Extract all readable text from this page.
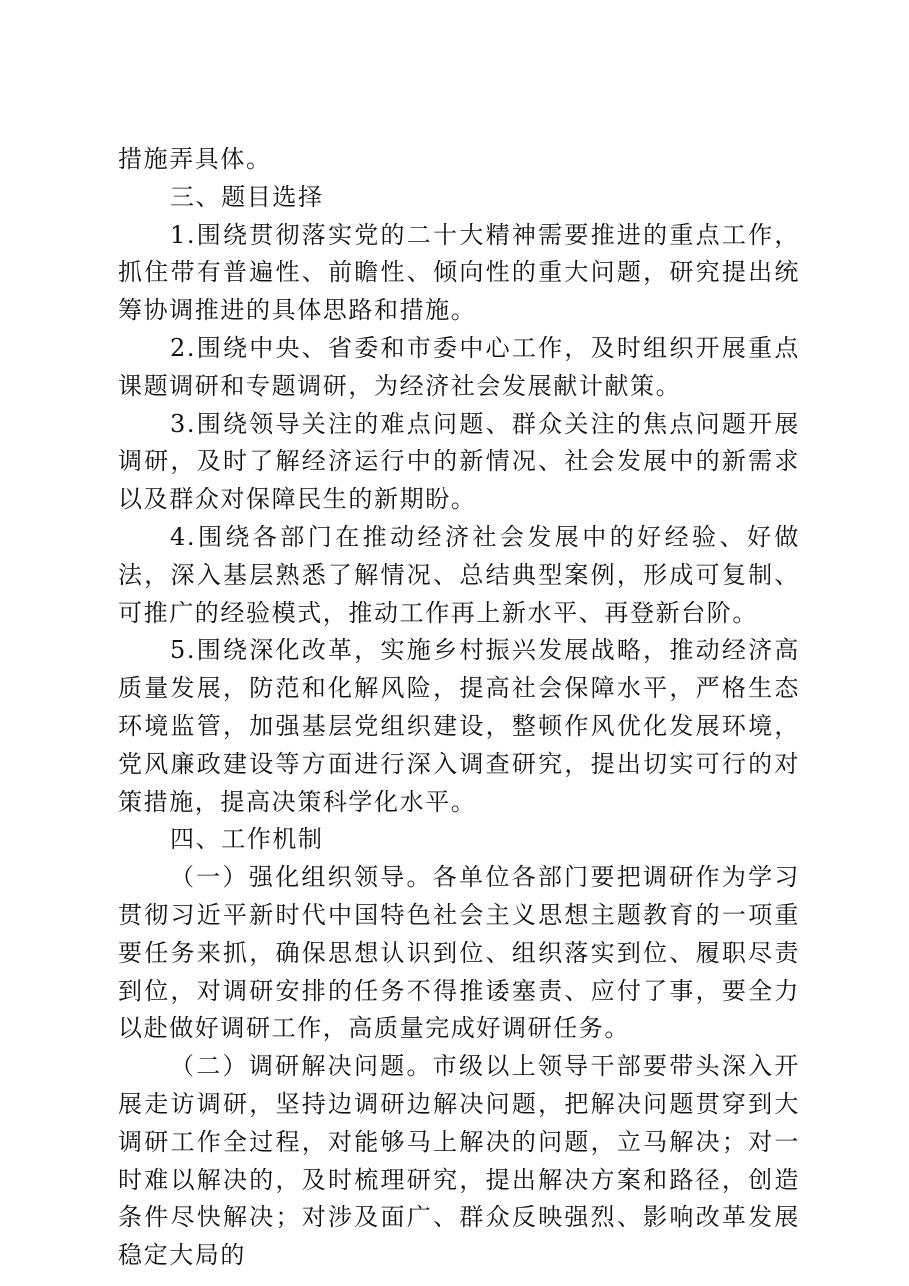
措施弄具体。

三、题目选择

1.围绕贯彻落实党的二十大精神需要推进的重点工作，抓住带有普遍性、前瞻性、倾向性的重大问题，研究提出统筹协调推进的具体思路和措施。

2.围绕中央、省委和市委中心工作，及时组织开展重点课题调研和专题调研，为经济社会发展献计献策。

3.围绕领导关注的难点问题、群众关注的焦点问题开展调研，及时了解经济运行中的新情况、社会发展中的新需求以及群众对保障民生的新期盼。

4.围绕各部门在推动经济社会发展中的好经验、好做法，深入基层熟悉了解情况、总结典型案例，形成可复制、可推广的经验模式，推动工作再上新水平、再登新台阶。

5.围绕深化改革，实施乡村振兴发展战略，推动经济高质量发展，防范和化解风险，提高社会保障水平，严格生态环境监管，加强基层党组织建设，整顿作风优化发展环境，党风廉政建设等方面进行深入调查研究，提出切实可行的对策措施，提高决策科学化水平。

四、工作机制

（一）强化组织领导。各单位各部门要把调研作为学习贯彻习近平新时代中国特色社会主义思想主题教育的一项重要任务来抓，确保思想认识到位、组织落实到位、履职尽责到位，对调研安排的任务不得推诿塞责、应付了事，要全力以赴做好调研工作，高质量完成好调研任务。

（二）调研解决问题。市级以上领导干部要带头深入开展走访调研，坚持边调研边解决问题，把解决问题贯穿到大调研工作全过程，对能够马上解决的问题，立马解决；对一时难以解决的，及时梳理研究，提出解决方案和路径，创造条件尽快解决；对涉及面广、群众反映强烈、影响改革发展稳定大局的
